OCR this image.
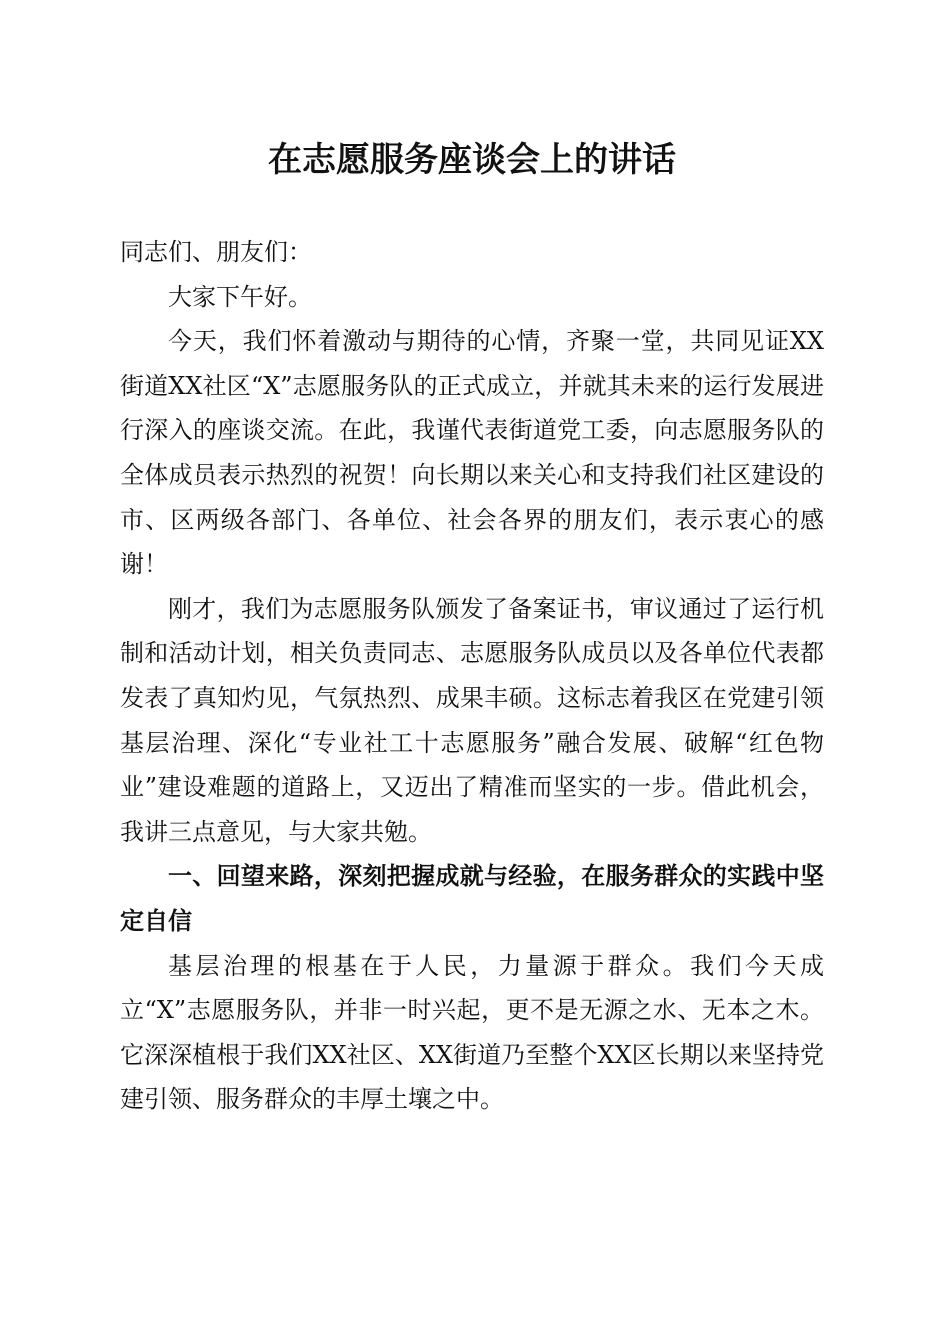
在志愿服务座谈会上的讲话

同志们、朋友们：

大家下午好。

今天，我们怀着激动与期待的心情，齐聚一堂，共同见证XX街道XX社区“X”志愿服务队的正式成立，并就其未来的运行发展进行深入的座谈交流。在此，我谨代表街道党工委，向志愿服务队的全体成员表示热烈的祝贺！向长期以来关心和支持我们社区建设的市、区两级各部门、各单位、社会各界的朋友们，表示衷心的感谢！

刚才，我们为志愿服务队颁发了备案证书，审议通过了运行机制和活动计划，相关负责同志、志愿服务队成员以及各单位代表都发表了真知灼见，气氛热烈、成果丰硕。这标志着我区在党建引领基层治理、深化“专业社工十志愿服务”融合发展、破解“红色物业”建设难题的道路上，又迈出了精准而坚实的一步。借此机会，我讲三点意见，与大家共勉。

一、回望来路，深刻把握成就与经验，在服务群众的实践中坚定自信

基层治理的根基在于人民，力量源于群众。我们今天成立“X”志愿服务队，并非一时兴起，更不是无源之水、无本之木。它深深植根于我们XX社区、XX街道乃至整个XX区长期以来坚持党建引领、服务群众的丰厚土壤之中。
